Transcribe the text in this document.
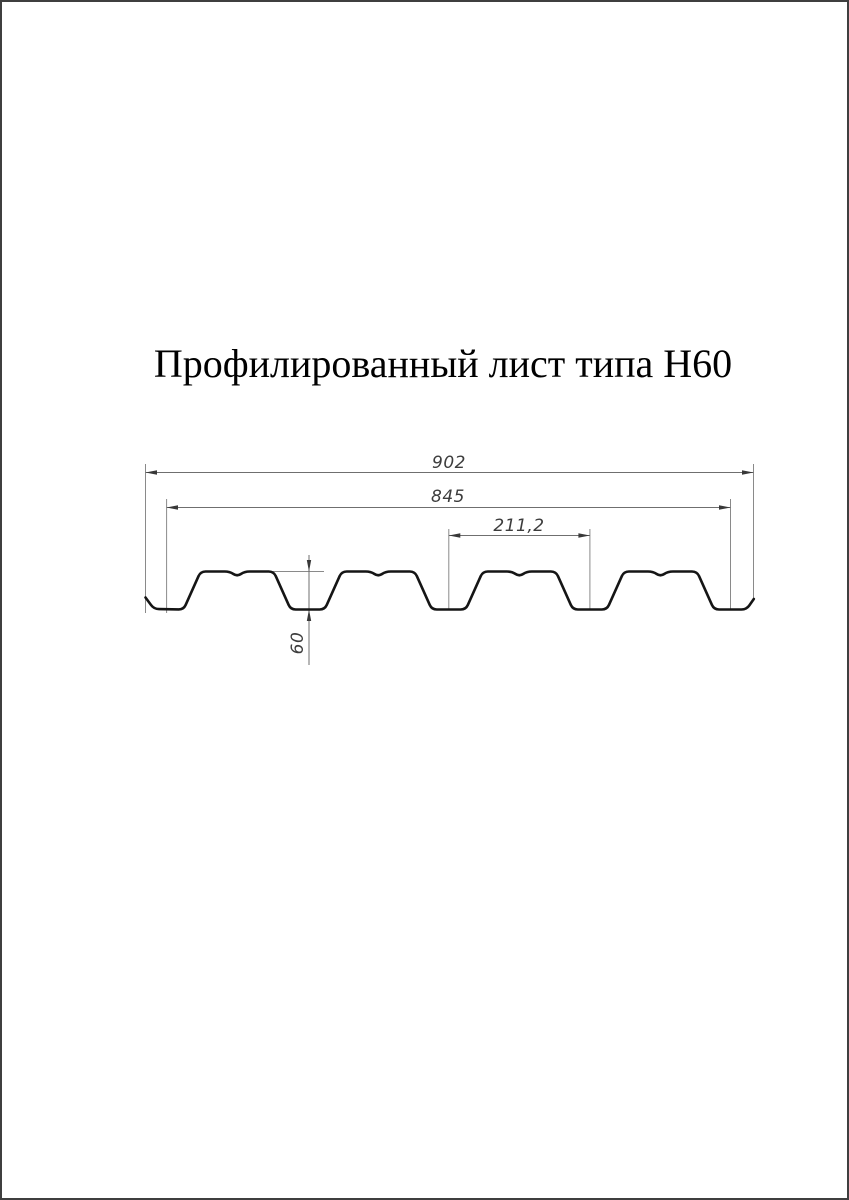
Профилированный лист типа Н60
902
845
211,2
60
